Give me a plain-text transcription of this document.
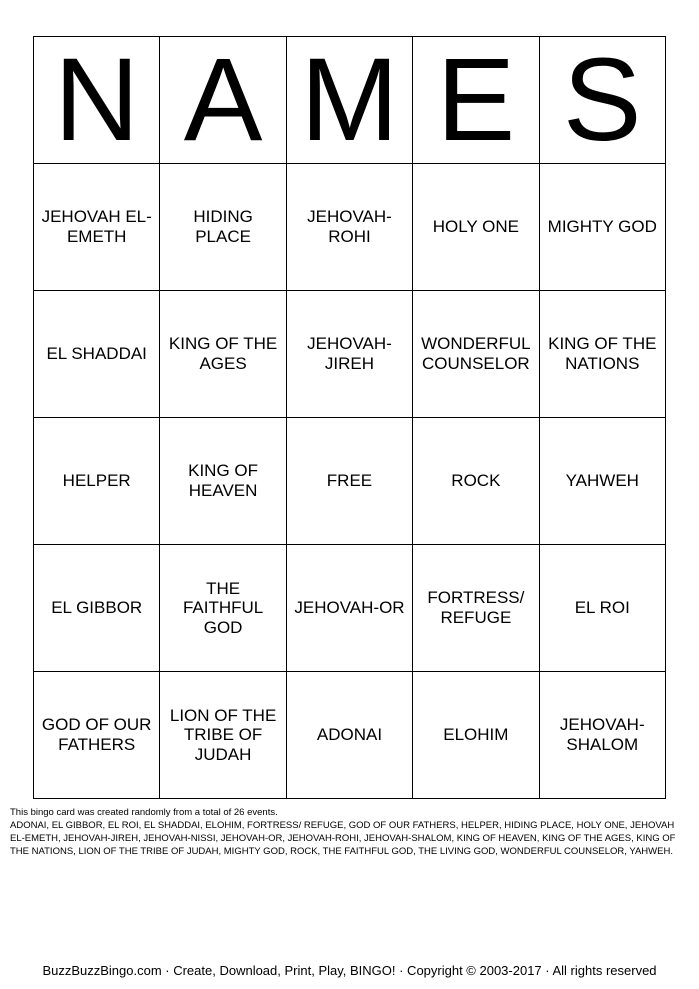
N	A	M	E	S
JEHOVAH EL-EMETH	HIDING PLACE	JEHOVAH-ROHI	HOLY ONE	MIGHTY GOD
EL SHADDAI	KING OF THE AGES	JEHOVAH-JIREH	WONDERFUL COUNSELOR	KING OF THE NATIONS
HELPER	KING OF HEAVEN	FREE	ROCK	YAHWEH
EL GIBBOR	THE FAITHFUL GOD	JEHOVAH-OR	FORTRESS/ REFUGE	EL ROI
GOD OF OUR FATHERS	LION OF THE TRIBE OF JUDAH	ADONAI	ELOHIM	JEHOVAH-SHALOM
This bingo card was created randomly from a total of 26 events.
ADONAI, EL GIBBOR, EL ROI, EL SHADDAI, ELOHIM, FORTRESS/ REFUGE, GOD OF OUR FATHERS, HELPER, HIDING PLACE, HOLY ONE, JEHOVAH EL-EMETH, JEHOVAH-JIREH, JEHOVAH-NISSI, JEHOVAH-OR, JEHOVAH-ROHI, JEHOVAH-SHALOM, KING OF HEAVEN, KING OF THE AGES, KING OF THE NATIONS, LION OF THE TRIBE OF JUDAH, MIGHTY GOD, ROCK, THE FAITHFUL GOD, THE LIVING GOD, WONDERFUL COUNSELOR, YAHWEH.
BuzzBuzzBingo.com · Create, Download, Print, Play, BINGO! · Copyright © 2003-2017 · All rights reserved
